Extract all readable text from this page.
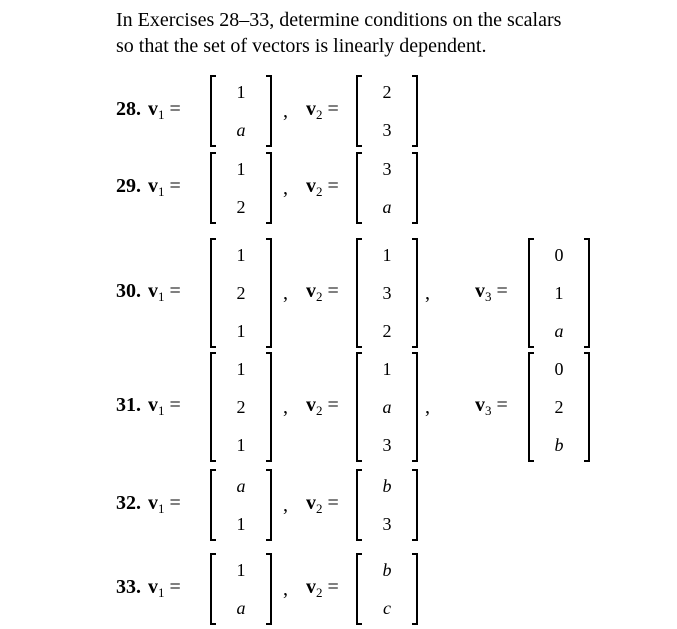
In Exercises 28–33, determine conditions on the scalars
so that the set of vectors is linearly dependent.
28. $v_1$ =
1
a
, $v_2$ =
2
3
29. $v_1$ =
1
2
, $v_2$ =
3
a
30. $v_1$ =
1
2
1
, $v_2$ =
1
3
2
, $v_3$ =
0
1
a
31. $v_1$ =
1
2
1
, $v_2$ =
1
a
3
, $v_3$ =
0
2
b
32. $v_1$ =
a
1
, $v_2$ =
b
3
33. $v_1$ =
1
a
, $v_2$ =
b
c
